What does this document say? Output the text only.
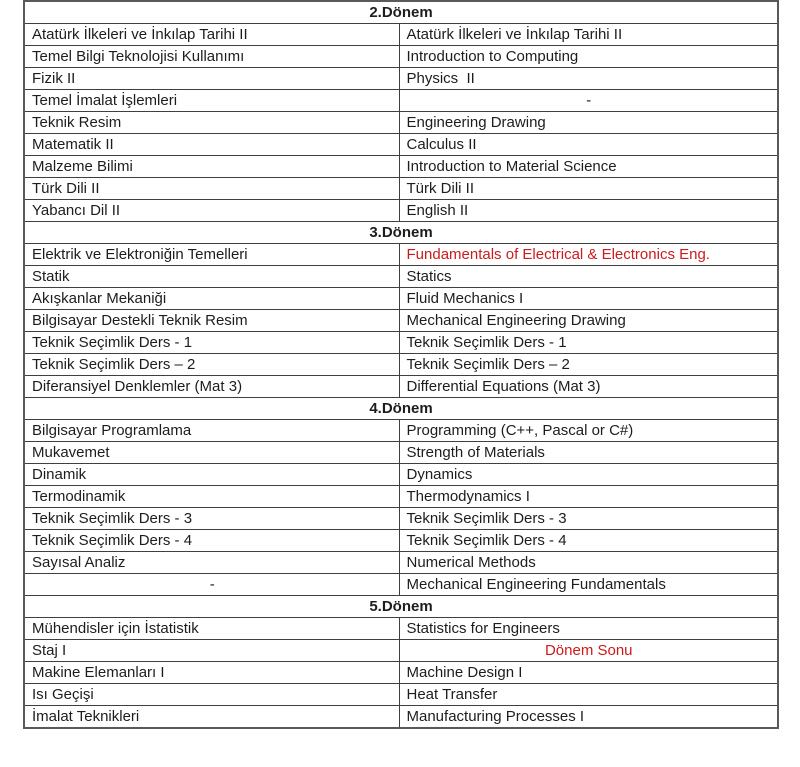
2.Dönem	
Atatürk İlkeleri ve İnkılap Tarihi II	Atatürk İlkeleri ve İnkılap Tarihi II
Temel Bilgi Teknolojisi Kullanımı	Introduction to Computing
Fizik II	Physics  II
Temel İmalat İşlemleri	-
Teknik Resim	Engineering Drawing
Matematik II	Calculus II
Malzeme Bilimi	Introduction to Material Science
Türk Dili II	Türk Dili II
Yabancı Dil II	English II
3.Dönem	
Elektrik ve Elektroniğin Temelleri	Fundamentals of Electrical & Electronics Eng.
Statik	Statics
Akışkanlar Mekaniği	Fluid Mechanics I
Bilgisayar Destekli Teknik Resim	Mechanical Engineering Drawing
Teknik Seçimlik Ders - 1	Teknik Seçimlik Ders - 1
Teknik Seçimlik Ders – 2	Teknik Seçimlik Ders – 2
Diferansiyel Denklemler (Mat 3)	Differential Equations (Mat 3)
4.Dönem	
Bilgisayar Programlama	Programming (C++, Pascal or C#)
Mukavemet	Strength of Materials
Dinamik	Dynamics
Termodinamik	Thermodynamics I
Teknik Seçimlik Ders - 3	Teknik Seçimlik Ders - 3
Teknik Seçimlik Ders - 4	Teknik Seçimlik Ders - 4
Sayısal Analiz	Numerical Methods
-	Mechanical Engineering Fundamentals
5.Dönem	
Mühendisler için İstatistik	Statistics for Engineers
Staj I	Dönem Sonu
Makine Elemanları I	Machine Design I
Isı Geçişi	Heat Transfer
İmalat Teknikleri	Manufacturing Processes I
